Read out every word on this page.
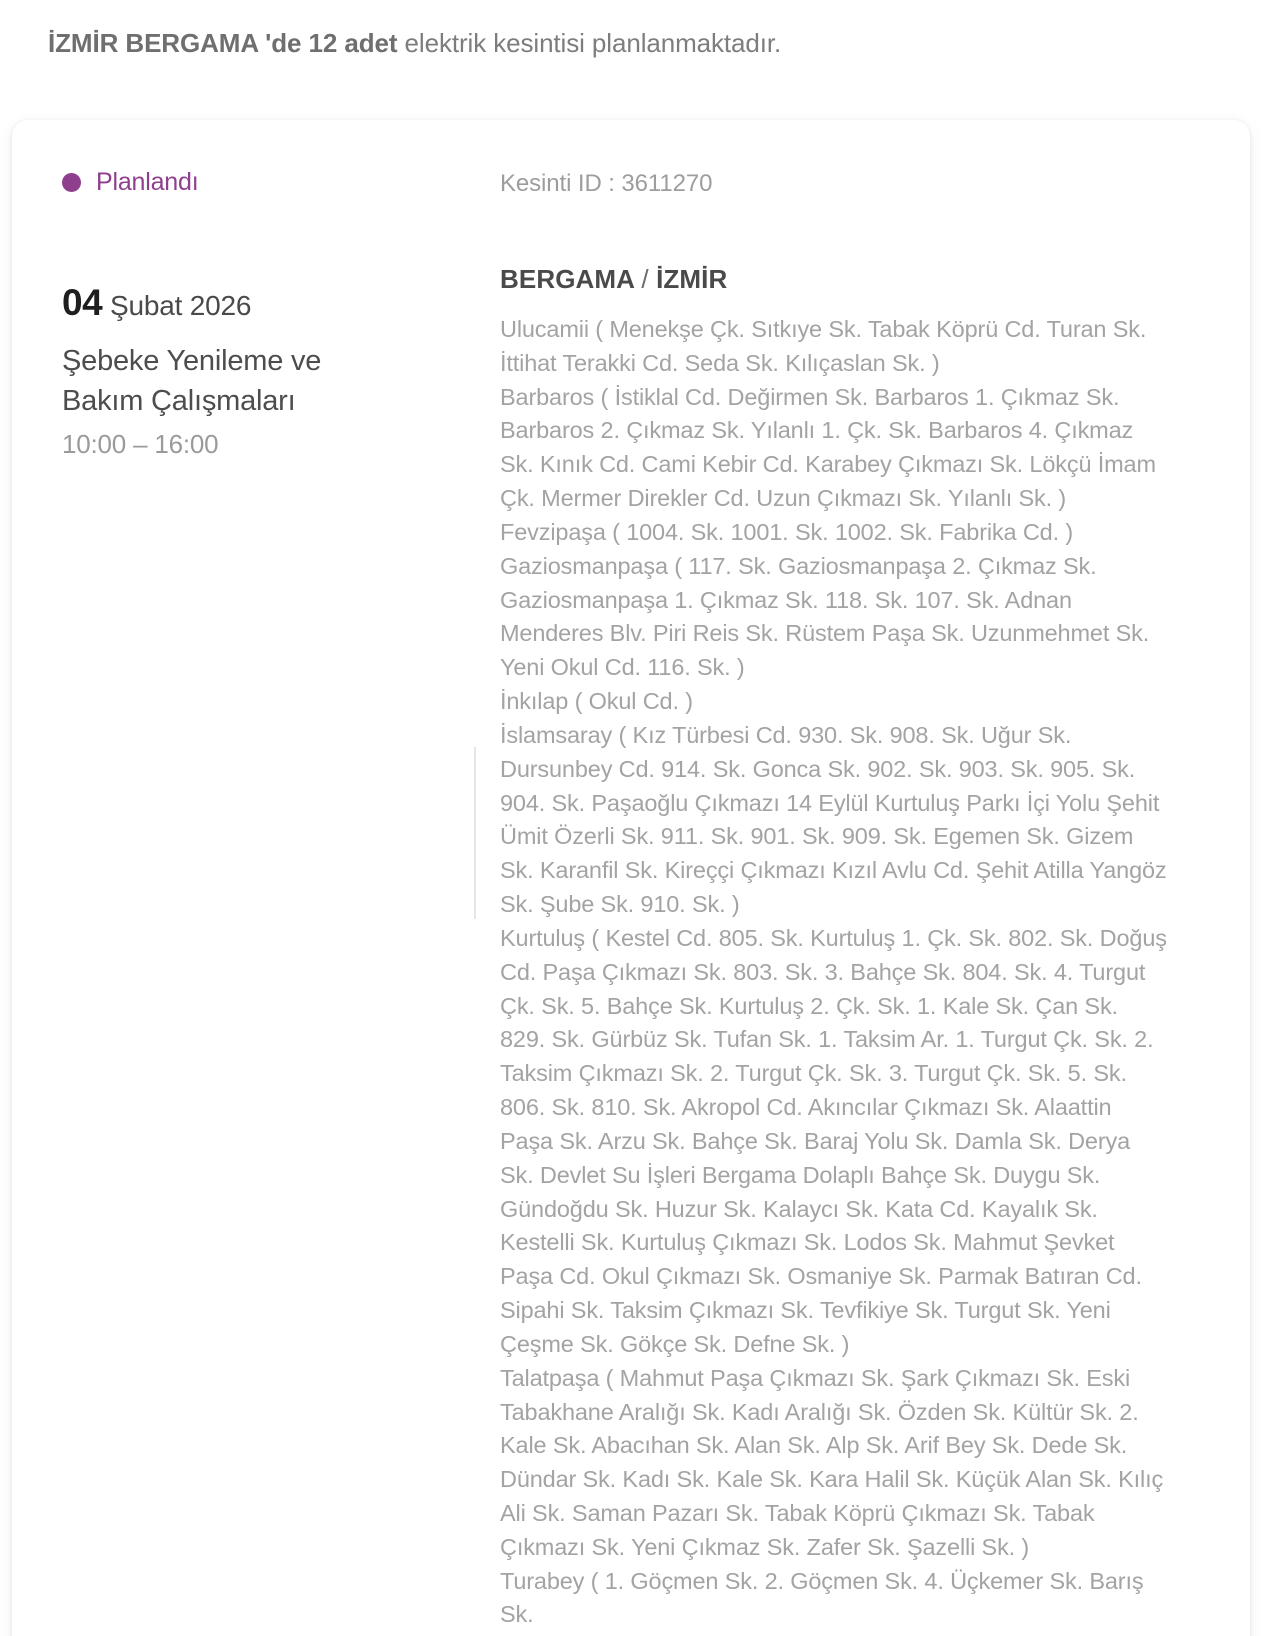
İZMİR BERGAMA 'de 12 adet elektrik kesintisi planlanmaktadır.
Planlandı
04 Şubat 2026
Şebeke Yenileme ve Bakım Çalışmaları
10:00 – 16:00
Kesinti ID : 3611270
BERGAMA / İZMİR

Ulucamii ( Menekşe Çk. Sıtkıye Sk. Tabak Köprü Cd. Turan Sk. İttihat Terakki Cd. Seda Sk. Kılıçaslan Sk. )

Barbaros ( İstiklal Cd. Değirmen Sk. Barbaros 1. Çıkmaz Sk. Barbaros 2. Çıkmaz Sk. Yılanlı 1. Çk. Sk. Barbaros 4. Çıkmaz Sk. Kınık Cd. Cami Kebir Cd. Karabey Çıkmazı Sk. Lökçü İmam Çk. Mermer Direkler Cd. Uzun Çıkmazı Sk. Yılanlı Sk. )

Fevzipaşa ( 1004. Sk. 1001. Sk. 1002. Sk. Fabrika Cd. )

Gaziosmanpaşa ( 117. Sk. Gaziosmanpaşa 2. Çıkmaz Sk. Gaziosmanpaşa 1. Çıkmaz Sk. 118. Sk. 107. Sk. Adnan Menderes Blv. Piri Reis Sk. Rüstem Paşa Sk. Uzunmehmet Sk. Yeni Okul Cd. 116. Sk. )

İnkılap ( Okul Cd. )

İslamsaray ( Kız Türbesi Cd. 930. Sk. 908. Sk. Uğur Sk. Dursunbey Cd. 914. Sk. Gonca Sk. 902. Sk. 903. Sk. 905. Sk. 904. Sk. Paşaoğlu Çıkmazı 14 Eylül Kurtuluş Parkı İçi Yolu Şehit Ümit Özerli Sk. 911. Sk. 901. Sk. 909. Sk. Egemen Sk. Gizem Sk. Karanfil Sk. Kireççi Çıkmazı Kızıl Avlu Cd. Şehit Atilla Yangöz Sk. Şube Sk. 910. Sk. )

Kurtuluş ( Kestel Cd. 805. Sk. Kurtuluş 1. Çk. Sk. 802. Sk. Doğuş Cd. Paşa Çıkmazı Sk. 803. Sk. 3. Bahçe Sk. 804. Sk. 4. Turgut Çk. Sk. 5. Bahçe Sk. Kurtuluş 2. Çk. Sk. 1. Kale Sk. Çan Sk. 829. Sk. Gürbüz Sk. Tufan Sk. 1. Taksim Ar. 1. Turgut Çk. Sk. 2. Taksim Çıkmazı Sk. 2. Turgut Çk. Sk. 3. Turgut Çk. Sk. 5. Sk. 806. Sk. 810. Sk. Akropol Cd. Akıncılar Çıkmazı Sk. Alaattin Paşa Sk. Arzu Sk. Bahçe Sk. Baraj Yolu Sk. Damla Sk. Derya Sk. Devlet Su İşleri Bergama Dolaplı Bahçe Sk. Duygu Sk. Gündoğdu Sk. Huzur Sk. Kalaycı Sk. Kata Cd. Kayalık Sk. Kestelli Sk. Kurtuluş Çıkmazı Sk. Lodos Sk. Mahmut Şevket Paşa Cd. Okul Çıkmazı Sk. Osmaniye Sk. Parmak Batıran Cd. Sipahi Sk. Taksim Çıkmazı Sk. Tevfikiye Sk. Turgut Sk. Yeni Çeşme Sk. Gökçe Sk. Defne Sk. )

Talatpaşa ( Mahmut Paşa Çıkmazı Sk. Şark Çıkmazı Sk. Eski Tabakhane Aralığı Sk. Kadı Aralığı Sk. Özden Sk. Kültür Sk. 2. Kale Sk. Abacıhan Sk. Alan Sk. Alp Sk. Arif Bey Sk. Dede Sk. Dündar Sk. Kadı Sk. Kale Sk. Kara Halil Sk. Küçük Alan Sk. Kılıç Ali Sk. Saman Pazarı Sk. Tabak Köprü Çıkmazı Sk. Tabak Çıkmazı Sk. Yeni Çıkmaz Sk. Zafer Sk. Şazelli Sk. )

Turabey ( 1. Göçmen Sk. 2. Göçmen Sk. 4. Üçkemer Sk. Barış Sk.
